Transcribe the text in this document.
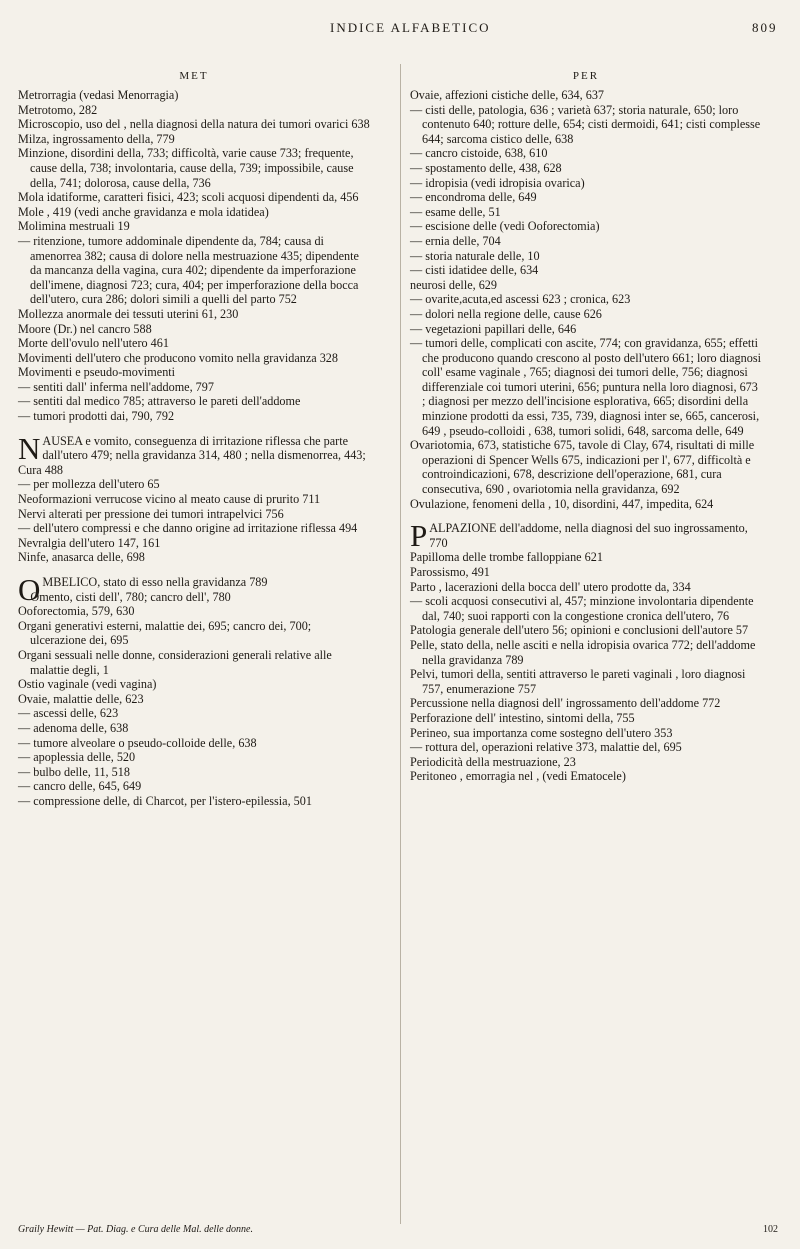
INDICE ALFABETICO	809
MET
Metrorragia (vedasi Menorragia)
Metrotomo, 282
Microscopio, uso del , nella diagnosi della natura dei tumori ovarici 638
Milza, ingrossamento della, 779
Minzione, disordini della, 733; difficoltà, varie cause 733; frequente, cause della, 738; involontaria, cause della, 739; impossibile, cause della, 741; dolorosa, cause della, 736
Mola idatiforme, caratteri fisici, 423; scoli acquosi dipendenti da, 456
Mole , 419 (vedi anche gravidanza e mola idatidea)
Molimina mestruali 19
— ritenzione, tumore addominale dipendente da, 784; causa di amenorrea 382; causa di dolore nella mestruazione 435; dipendente da mancanza della vagina, cura 402; dipendente da imperforazione dell'imene, diagnosi 723; cura, 404; per imperforazione della bocca dell'utero, cura 286; dolori simili a quelli del parto 752
Mollezza anormale dei tessuti uterini 61, 230
Moore (Dr.) nel cancro 588
Morte dell'ovulo nell'utero 461
Movimenti dell'utero che producono vomito nella gravidanza 328
Movimenti e pseudo-movimenti
— sentiti dall' inferma nell'addome, 797
— sentiti dal medico 785; attraverso le pareti dell'addome
— tumori prodotti dai, 790, 792
NAUSEA e vomito, conseguenza di irritazione riflessa che parte dall'utero 479; nella gravidanza 314, 480 ; nella dismenorrea, 443; Cura 488
— per mollezza dell'utero 65
Neoformazioni verrucose vicino al meato cause di prurito 711
Nervi alterati per pressione dei tumori intrapelvici 756
— dell'utero compressi e che danno origine ad irritazione riflessa 494
Nevralgia dell'utero 147, 161
Ninfe, anasarca delle, 698
OMBELICO, stato di esso nella gravidanza 789
Omento, cisti dell', 780; cancro dell', 780
Ooforectomia, 579, 630
Organi generativi esterni, malattie dei, 695; cancro dei, 700; ulcerazione dei, 695
Organi sessuali nelle donne, considerazioni generali relative alle malattie degli, 1
Ostio vaginale (vedi vagina)
Ovaie, malattie delle, 623
— ascessi delle, 623
— adenoma delle, 638
— tumore alveolare o pseudo-colloide delle, 638
— apoplessia delle, 520
— bulbo delle, 11, 518
— cancro delle, 645, 649
— compressione delle, di Charcot, per l'istero-epilessia, 501
PER
Ovaie, affezioni cistiche delle, 634, 637
— cisti delle, patologia, 636 ; varietà 637; storia naturale, 650; loro contenuto 640; rotture delle, 654; cisti dermoidi, 641; cisti complesse 644; sarcoma cistico delle, 638
— cancro cistoide, 638, 610
— spostamento delle, 438, 628
— idropisia (vedi idropisia ovarica)
— encondroma delle, 649
— esame delle, 51
— escisione delle (vedi Ooforectomia)
— ernia delle, 704
— storia naturale delle, 10
— cisti idatidee delle, 634
neurosi delle, 629
— ovarite,acuta,ed ascessi 623 ; cronica, 623
— dolori nella regione delle, cause 626
— vegetazioni papillari delle, 646
— tumori delle, complicati con ascite, 774; con gravidanza, 655; effetti che producono quando crescono al posto dell'utero 661; loro diagnosi coll' esame vaginale , 765; diagnosi dei tumori delle, 756; diagnosi differenziale coi tumori uterini, 656; puntura nella loro diagnosi, 673 ; diagnosi per mezzo dell'incisione esplorativa, 665; disordini della minzione prodotti da essi, 735, 739, diagnosi inter se, 665, cancerosi, 649 , pseudo-colloidi , 638, tumori solidi, 648, sarcoma delle, 649
Ovariotomia, 673, statistiche 675, tavole di Clay, 674, risultati di mille operazioni di Spencer Wells 675, indicazioni per l', 677, difficoltà e controindicazioni, 678, descrizione dell'operazione, 681, cura consecutiva, 690 , ovariotomia nella gravidanza, 692
Ovulazione, fenomeni della , 10, disordini, 447, impedita, 624
PALPAZIONE dell'addome, nella diagnosi del suo ingrossamento, 770
Papilloma delle trombe falloppiane 621
Parossismo, 491
Parto , lacerazioni della bocca dell' utero prodotte da, 334
— scoli acquosi consecutivi al, 457; minzione involontaria dipendente dal, 740; suoi rapporti con la congestione cronica dell'utero, 76
Patologia generale dell'utero 56; opinioni e conclusioni dell'autore 57
Pelle, stato della, nelle asciti e nella idropisia ovarica 772; dell'addome nella gravidanza 789
Pelvi, tumori della, sentiti attraverso le pareti vaginali , loro diagnosi 757, enumerazione 757
Percussione nella diagnosi dell' ingrossamento dell'addome 772
Perforazione dell' intestino, sintomi della, 755
Perineo, sua importanza come sostegno dell'utero 353
— rottura del, operazioni relative 373, malattie del, 695
Periodicità della mestruazione, 23
Peritoneo , emorragia nel , (vedi Ematocele)
Graily Hewitt — Pat. Diag. e Cura delle Mal. delle donne.	102
